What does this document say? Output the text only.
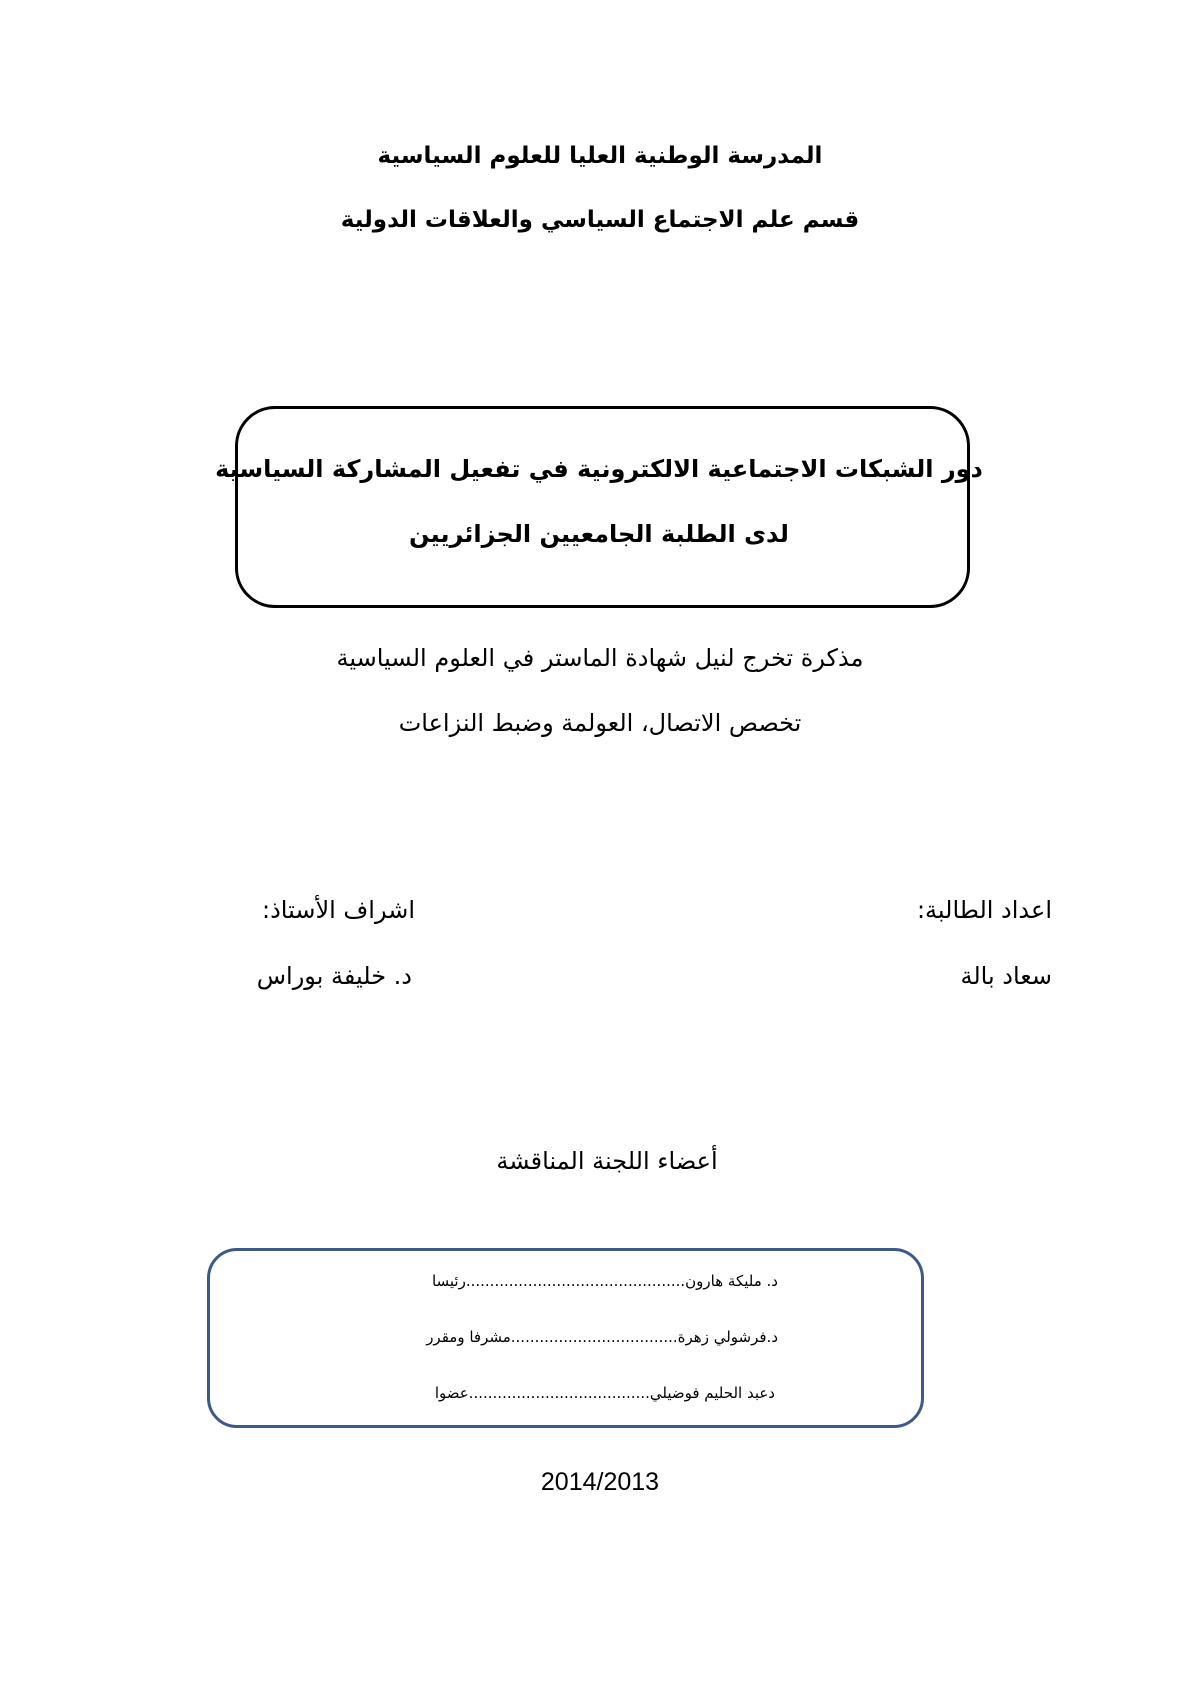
المدرسة الوطنية العليا للعلوم السياسية
قسم علم الاجتماع السياسي والعلاقات الدولية
دور الشبكات الاجتماعية الالكترونية في تفعيل المشاركة السياسية
لدى الطلبة الجامعيين الجزائريين
مذكرة تخرج لنيل شهادة الماستر في العلوم السياسية
تخصص الاتصال، العولمة وضبط النزاعات
اعداد الطالبة:
سعاد بالة
اشراف الأستاذ:
د. خليفة بوراس
أعضاء اللجنة المناقشة
د. مليكة هارون..............................................رئيسا
د.فرشولي زهرة...................................مشرفا ومقرر
دعبد الحليم فوضيلي......................................عضوا
2014/2013
